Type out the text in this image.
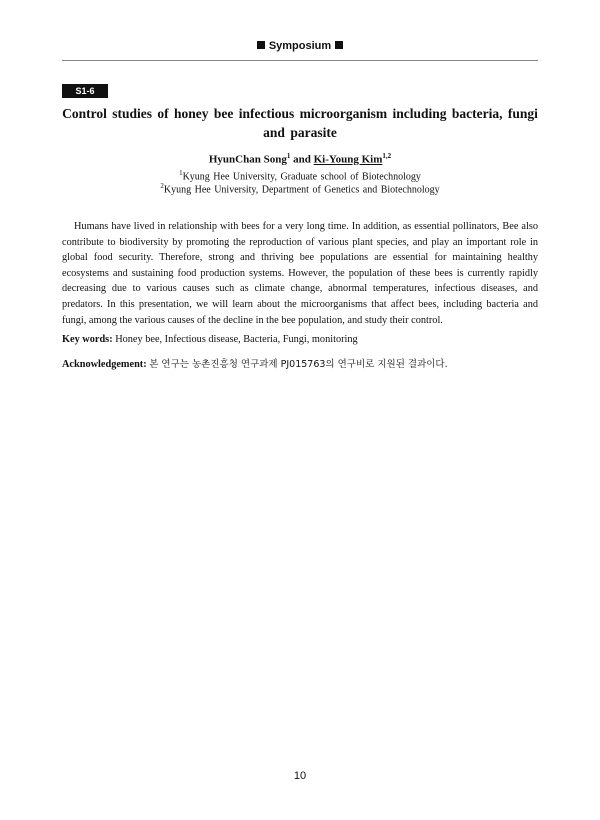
Symposium
S1-6
Control studies of honey bee infectious microorganism including bacteria, fungi and parasite
HyunChan Song$^1$ and Ki-Young Kim$^{1,2}$
$^1$Kyung Hee University, Graduate school of Biotechnology
$^2$Kyung Hee University, Department of Genetics and Biotechnology
Humans have lived in relationship with bees for a very long time. In addition, as essential pollinators, Bee also contribute to biodiversity by promoting the reproduction of various plant species, and play an important role in global food security. Therefore, strong and thriving bee populations are essential for maintaining healthy ecosystems and sustaining food production systems. However, the population of these bees is currently rapidly decreasing due to various causes such as climate change, abnormal temperatures, infectious diseases, and predators. In this presentation, we will learn about the microorganisms that affect bees, including bacteria and fungi, among the various causes of the decline in the bee population, and study their control.
Key words: Honey bee, Infectious disease, Bacteria, Fungi, monitoring
Acknowledgement: 본 연구는 농촌진흥청 연구과제 PJ015763의 연구비로 지원된 결과이다.
10
